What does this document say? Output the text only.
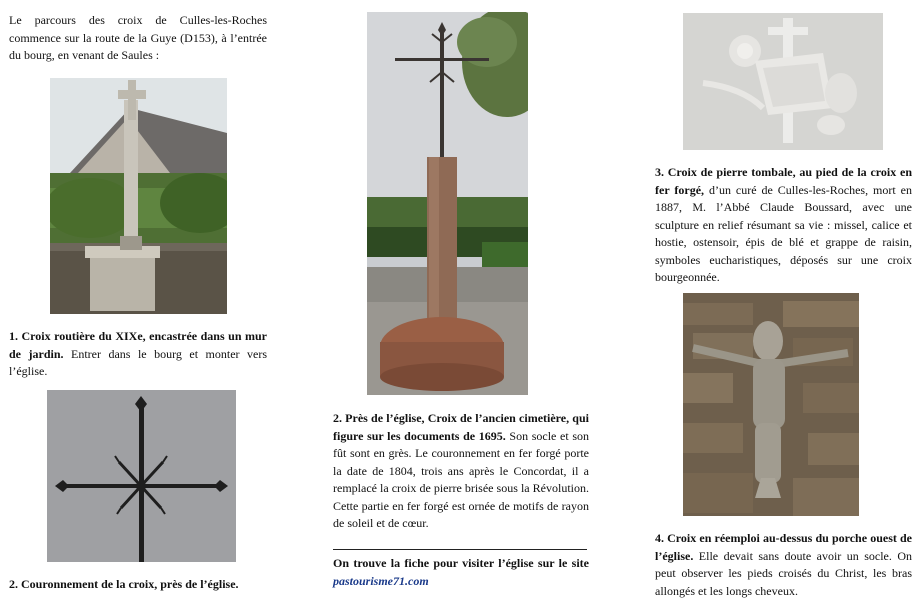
Le parcours des croix de Culles-les-Roches commence sur la route de la Guye (D153), à l’entrée du bourg, en venant de Saules :
1. Croix routière du XIXe, encastrée dans un mur de jardin. Entrer dans le bourg et monter vers l’église.
2. Couronnement de la croix, près de l’église.
2. Près de l’église, Croix de l’ancien cimetière, qui figure sur les documents de 1695. Son socle et son fût sont en grès. Le couronnement en fer forgé porte la date de 1804, trois ans après le Concordat, il a remplacé la croix de pierre brisée sous la Révolution. Cette partie en fer forgé est ornée de motifs de rayon de soleil et de cœur.
On trouve la fiche pour visiter l’église sur le site pastourisme71.com
3. Croix de pierre tombale, au pied de la croix en fer forgé, d’un curé de Culles-les-Roches, mort en 1887, M. l’Abbé Claude Boussard, avec une sculpture en relief résumant sa vie : missel, calice et hostie, ostensoir, épis de blé et grappe de raisin, symboles eucharistiques, déposés sur une croix bourgeonnée.
4. Croix en réemploi au-dessus du porche ouest de l’église. Elle devait sans doute avoir un socle. On peut observer les pieds croisés du Christ, les bras allongés et les longs cheveux.
